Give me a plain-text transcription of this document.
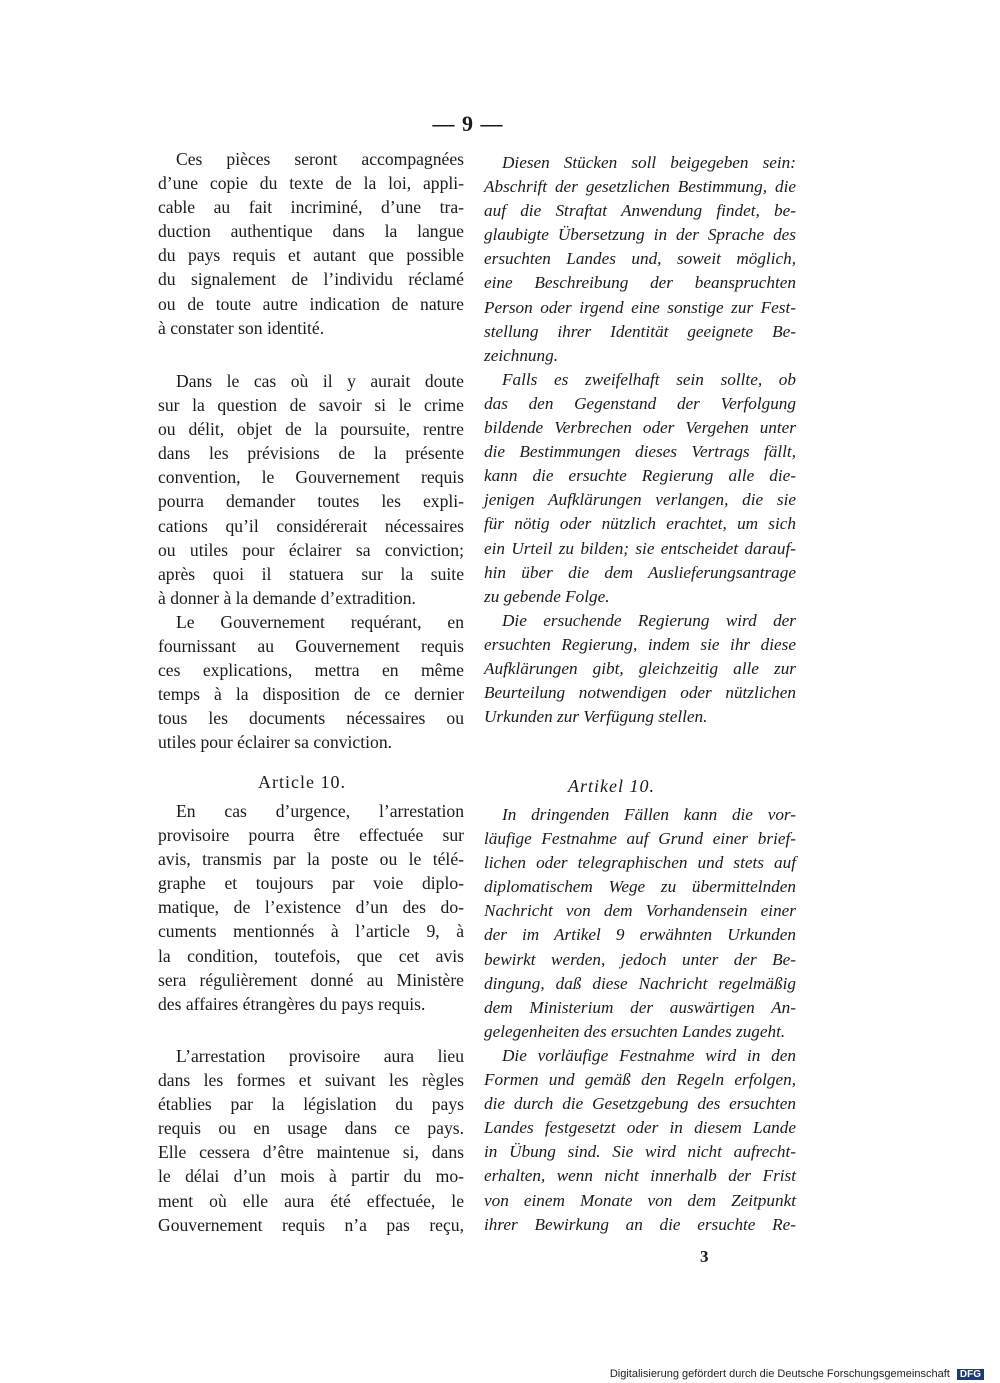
— 9 —
Ces pièces seront accompagnées
d’une copie du texte de la loi, appli-
cable au fait incriminé, d’une tra-
duction authentique dans la langue
du pays requis et autant que possible
du signalement de l’individu réclamé
ou de toute autre indication de nature
à constater son identité.
Dans le cas où il y aurait doute
sur la question de savoir si le crime
ou délit, objet de la poursuite, rentre
dans les prévisions de la présente
convention, le Gouvernement requis
pourra demander toutes les expli-
cations qu’il considérerait nécessaires
ou utiles pour éclairer sa conviction;
après quoi il statuera sur la suite
à donner à la demande d’extradition.
Le Gouvernement requérant, en
fournissant au Gouvernement requis
ces explications, mettra en même
temps à la disposition de ce dernier
tous les documents nécessaires ou
utiles pour éclairer sa conviction.
Article 10.
En cas d’urgence, l’arrestation
provisoire pourra être effectuée sur
avis, transmis par la poste ou le télé-
graphe et toujours par voie diplo-
matique, de l’existence d’un des do-
cuments mentionnés à l’article 9, à
la condition, toutefois, que cet avis
sera régulièrement donné au Ministère
des affaires étrangères du pays requis.
L’arrestation provisoire aura lieu
dans les formes et suivant les règles
établies par la législation du pays
requis ou en usage dans ce pays.
Elle cessera d’être maintenue si, dans
le délai d’un mois à partir du mo-
ment où elle aura été effectuée, le
Gouvernement requis n’a pas reçu,
Diesen Stücken soll beigegeben sein:
Abschrift der gesetzlichen Bestimmung, die
auf die Straftat Anwendung findet, be-
glaubigte Übersetzung in der Sprache des
ersuchten Landes und, soweit möglich,
eine Beschreibung der beanspruchten
Person oder irgend eine sonstige zur Fest-
stellung ihrer Identität geeignete Be-
zeichnung.
Falls es zweifelhaft sein sollte, ob
das den Gegenstand der Verfolgung
bildende Verbrechen oder Vergehen unter
die Bestimmungen dieses Vertrags fällt,
kann die ersuchte Regierung alle die-
jenigen Aufklärungen verlangen, die sie
für nötig oder nützlich erachtet, um sich
ein Urteil zu bilden; sie entscheidet darauf-
hin über die dem Auslieferungsantrage
zu gebende Folge.
Die ersuchende Regierung wird der
ersuchten Regierung, indem sie ihr diese
Aufklärungen gibt, gleichzeitig alle zur
Beurteilung notwendigen oder nützlichen
Urkunden zur Verfügung stellen.
Artikel 10.
In dringenden Fällen kann die vor-
läufige Festnahme auf Grund einer brief-
lichen oder telegraphischen und stets auf
diplomatischem Wege zu übermittelnden
Nachricht von dem Vorhandensein einer
der im Artikel 9 erwähnten Urkunden
bewirkt werden, jedoch unter der Be-
dingung, daß diese Nachricht regelmäßig
dem Ministerium der auswärtigen An-
gelegenheiten des ersuchten Landes zugeht.
Die vorläufige Festnahme wird in den
Formen und gemäß den Regeln erfolgen,
die durch die Gesetzgebung des ersuchten
Landes festgesetzt oder in diesem Lande
in Übung sind. Sie wird nicht aufrecht-
erhalten, wenn nicht innerhalb der Frist
von einem Monate von dem Zeitpunkt
ihrer Bewirkung an die ersuchte Re-
3
Digitalisierung gefördert durch die Deutsche Forschungsgemeinschaft DFG
